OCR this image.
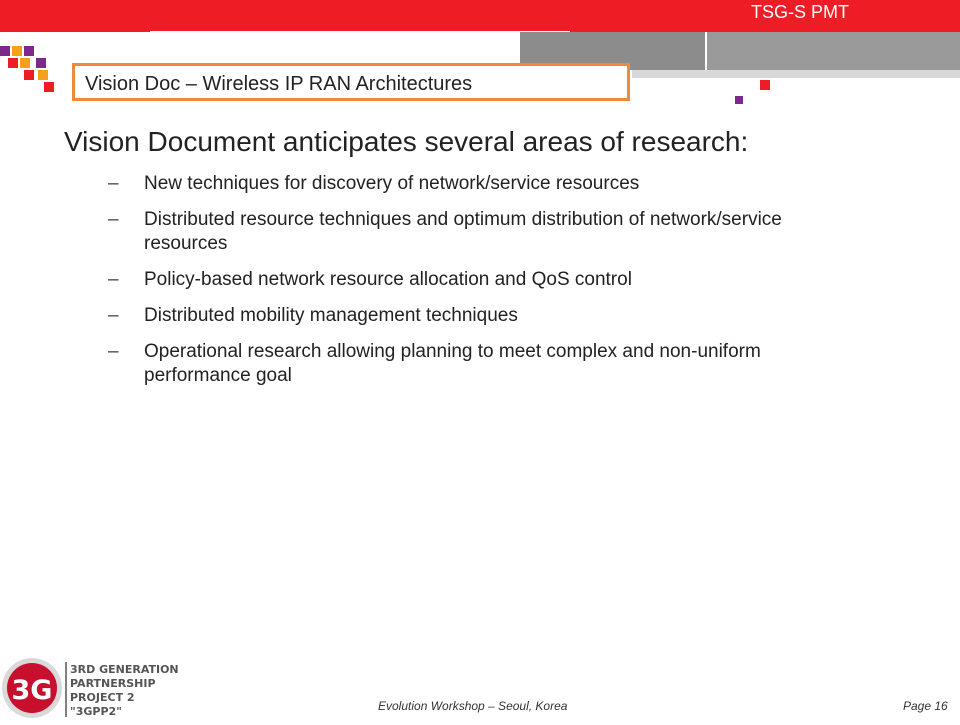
TSG-S PMT
Vision Doc – Wireless IP RAN Architectures
Vision Document anticipates several areas of research:
– New techniques for discovery of network/service resources
– Distributed resource techniques and optimum distribution of network/service resources
– Policy-based network resource allocation and QoS control
– Distributed mobility management techniques
– Operational research allowing planning to meet complex and non-uniform performance goal
3G
3RD GENERATION
PARTNERSHIP
PROJECT 2
"3GPP2"	Evolution Workshop – Seoul, Korea	Page 16
